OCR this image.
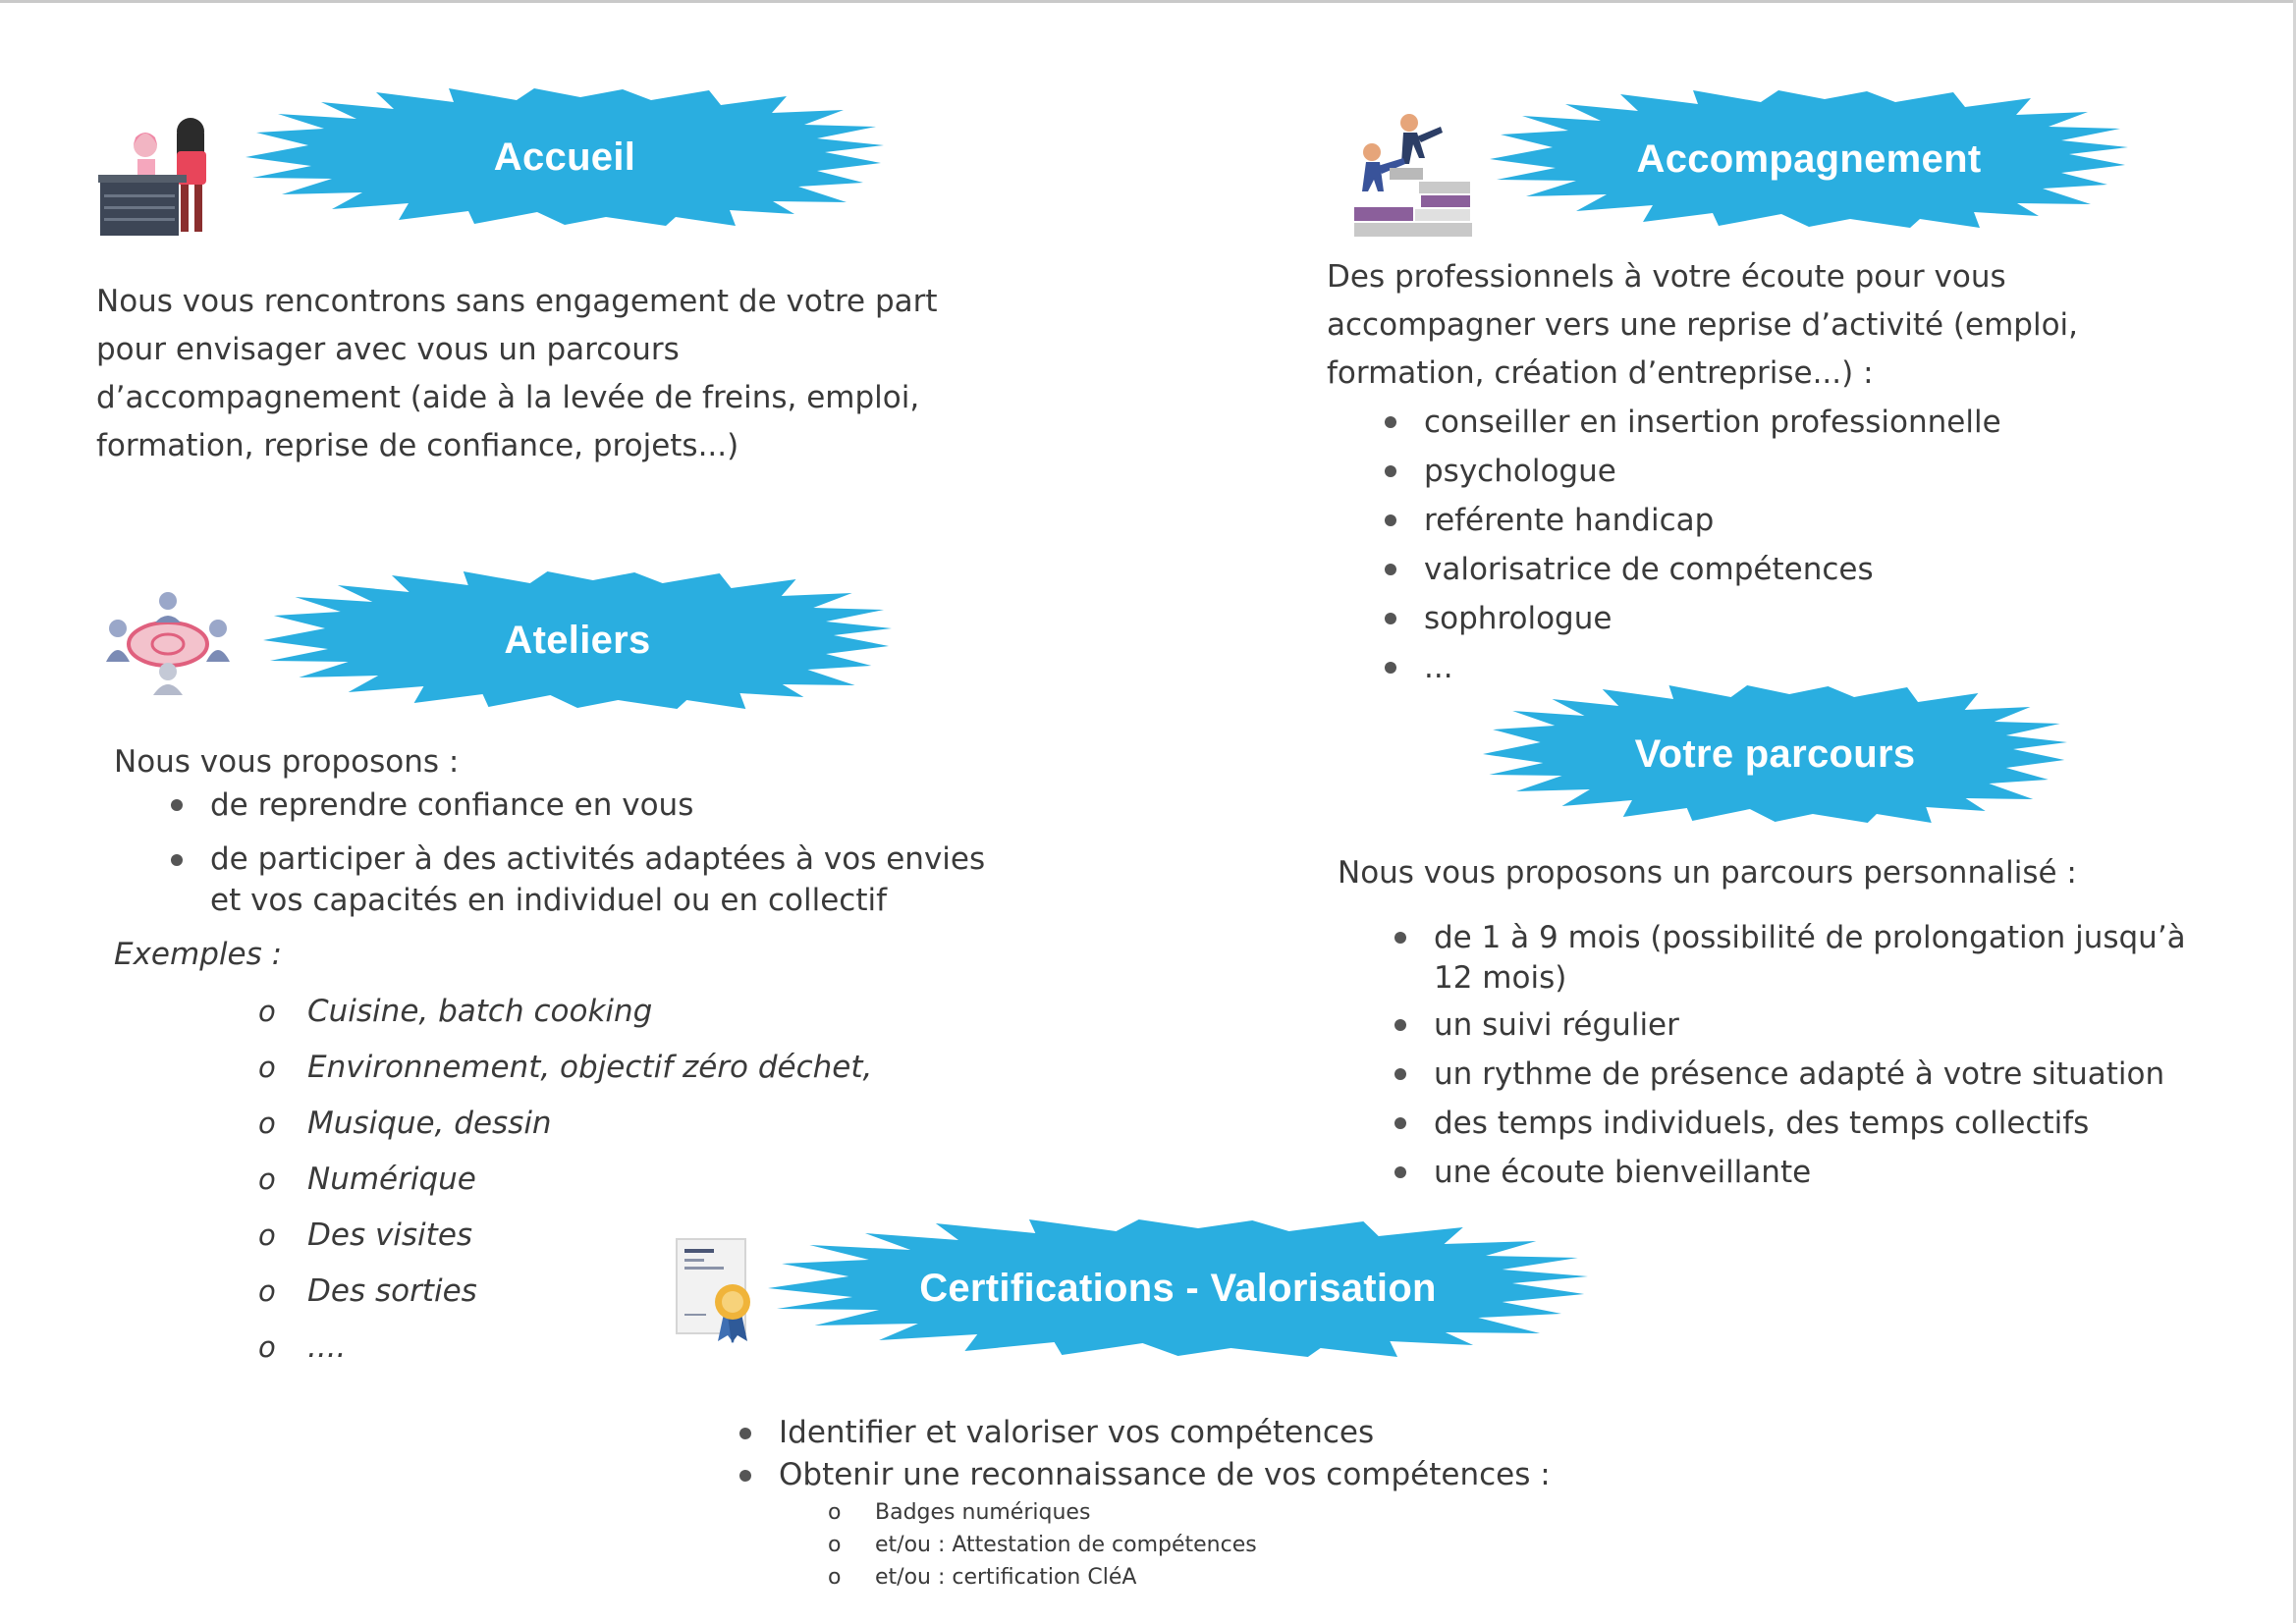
Accueil

Nous vous rencontrons sans engagement de votre part pour envisager avec vous un parcours d’accompagnement (aide à la levée de freins, emploi, formation, reprise de confiance, projets...)

Accompagnement

Des professionnels à votre écoute pour vous accompagner vers une reprise d’activité (emploi, formation, création d’entreprise...) :

conseiller en insertion professionnelle
psychologue
reférente handicap
valorisatrice de compétences
sophrologue
...
Ateliers
Nous vous proposons :
de reprendre confiance en vous
de participer à des activités adaptées à vos envies et vos capacités en individuel ou en collectif
Exemples :
o Cuisine, batch cooking
o Environnement, objectif zéro déchet,
o Musique, dessin
o Numérique
o Des visites
o Des sorties
o ....
Votre parcours
Nous vous proposons un parcours personnalisé :
de 1 à 9 mois (possibilité de prolongation jusqu’à 12 mois)
un suivi régulier
un rythme de présence adapté à votre situation
des temps individuels, des temps collectifs
une écoute bienveillante
Certifications - Valorisation
Identifier et valoriser vos compétences
Obtenir une reconnaissance de vos compétences :
o Badges numériques
o et/ou : Attestation de compétences
o et/ou : certification CléA
